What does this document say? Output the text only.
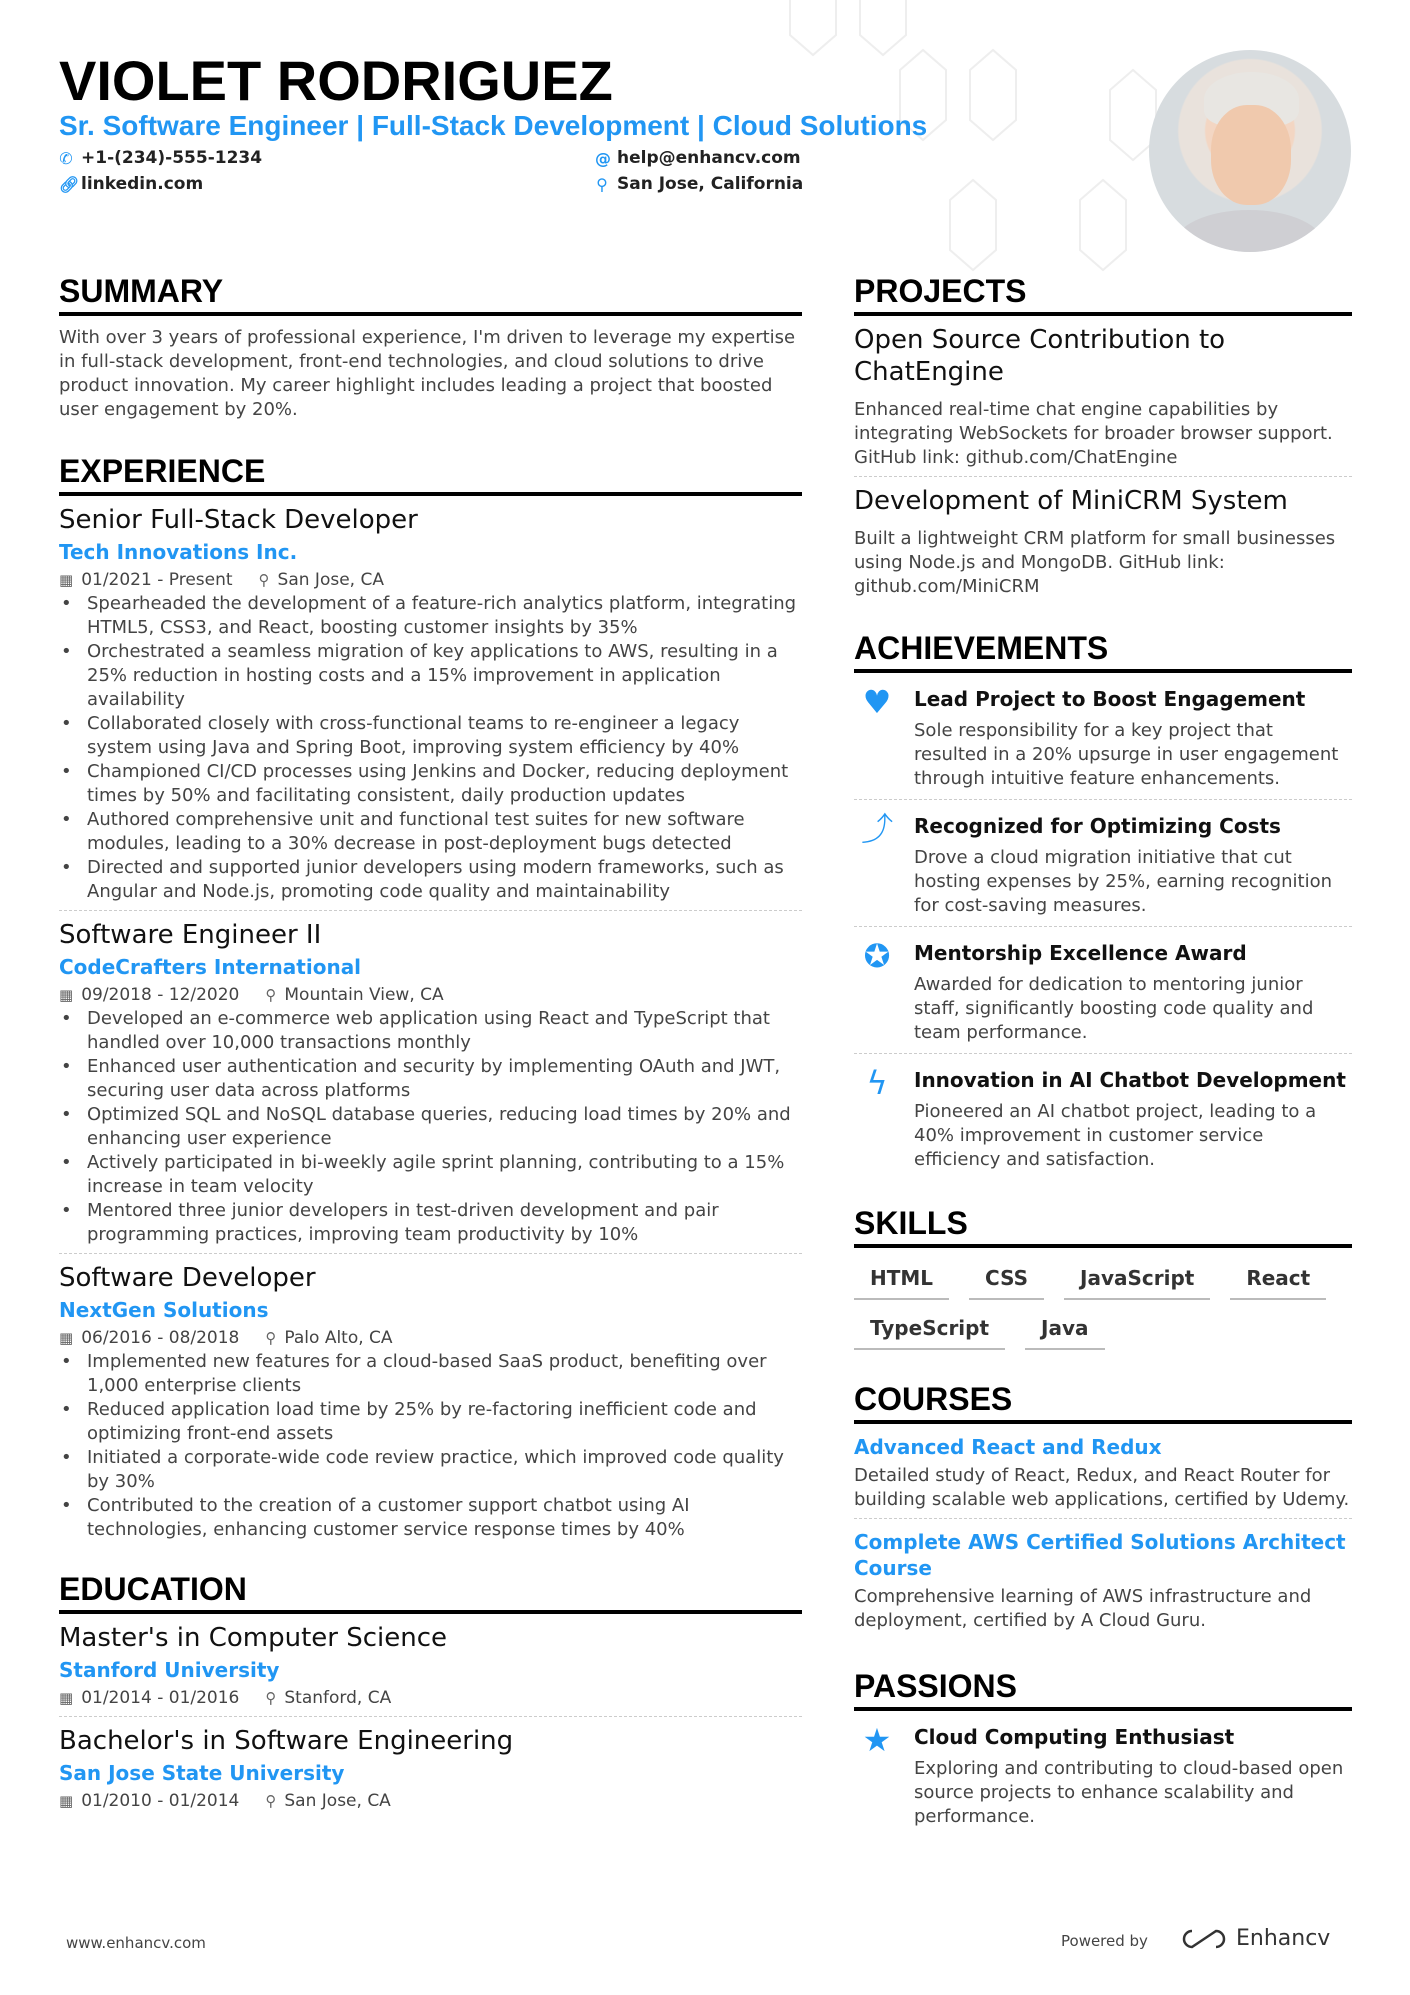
VIOLET RODRIGUEZ
Sr. Software Engineer | Full-Stack Development | Cloud Solutions
✆ +1-(234)-555-1234
🔗︎ linkedin.com
@ help@enhancv.com
⚲ San Jose, California
SUMMARY

With over 3 years of professional experience, I'm driven to leverage my expertise in full-stack development, front-end technologies, and cloud solutions to drive product innovation. My career highlight includes leading a project that boosted user engagement by 20%.

EXPERIENCE
Senior Full-Stack Developer
Tech Innovations Inc.
▦ 01/2021 - Present ⚲ San Jose, CA
• Spearheaded the development of a feature-rich analytics platform, integrating HTML5, CSS3, and React, boosting customer insights by 35%
• Orchestrated a seamless migration of key applications to AWS, resulting in a 25% reduction in hosting costs and a 15% improvement in application availability
• Collaborated closely with cross-functional teams to re-engineer a legacy system using Java and Spring Boot, improving system efficiency by 40%
• Championed CI/CD processes using Jenkins and Docker, reducing deployment times by 50% and facilitating consistent, daily production updates
• Authored comprehensive unit and functional test suites for new software modules, leading to a 30% decrease in post-deployment bugs detected
• Directed and supported junior developers using modern frameworks, such as Angular and Node.js, promoting code quality and maintainability
Software Engineer II
CodeCrafters International
▦ 09/2018 - 12/2020 ⚲ Mountain View, CA
• Developed an e-commerce web application using React and TypeScript that handled over 10,000 transactions monthly
• Enhanced user authentication and security by implementing OAuth and JWT, securing user data across platforms
• Optimized SQL and NoSQL database queries, reducing load times by 20% and enhancing user experience
• Actively participated in bi-weekly agile sprint planning, contributing to a 15% increase in team velocity
• Mentored three junior developers in test-driven development and pair programming practices, improving team productivity by 10%
Software Developer
NextGen Solutions
▦ 06/2016 - 08/2018 ⚲ Palo Alto, CA
• Implemented new features for a cloud-based SaaS product, benefiting over 1,000 enterprise clients
• Reduced application load time by 25% by re-factoring inefficient code and optimizing front-end assets
• Initiated a corporate-wide code review practice, which improved code quality by 30%
• Contributed to the creation of a customer support chatbot using AI technologies, enhancing customer service response times by 40%
EDUCATION
Master's in Computer Science
Stanford University
▦ 01/2014 - 01/2016 ⚲ Stanford, CA
Bachelor's in Software Engineering
San Jose State University
▦ 01/2010 - 01/2014 ⚲ San Jose, CA
PROJECTS
Open Source Contribution to ChatEngine
Enhanced real-time chat engine capabilities by integrating WebSockets for broader browser support. GitHub link: github.com/ChatEngine
Development of MiniCRM System
Built a lightweight CRM platform for small businesses using Node.js and MongoDB. GitHub link: github.com/MiniCRM
ACHIEVEMENTS
♥	Lead Project to Boost Engagement
Sole responsibility for a key project that resulted in a 20% upsurge in user engagement through intuitive feature enhancements.
⤴	Recognized for Optimizing Costs
Drove a cloud migration initiative that cut hosting expenses by 25%, earning recognition for cost-saving measures.
✪	Mentorship Excellence Award
Awarded for dedication to mentoring junior staff, significantly boosting code quality and team performance.
ϟ	Innovation in AI Chatbot Development
Pioneered an AI chatbot project, leading to a 40% improvement in customer service efficiency and satisfaction.
SKILLS
HTML	CSS	JavaScript	React
TypeScript	Java
COURSES
Advanced React and Redux
Detailed study of React, Redux, and React Router for building scalable web applications, certified by Udemy.
Complete AWS Certified Solutions Architect Course
Comprehensive learning of AWS infrastructure and deployment, certified by A Cloud Guru.
PASSIONS
★	Cloud Computing Enthusiast
Exploring and contributing to cloud-based open source projects to enhance scalability and performance.
www.enhancv.com	Powered by	Enhancv
